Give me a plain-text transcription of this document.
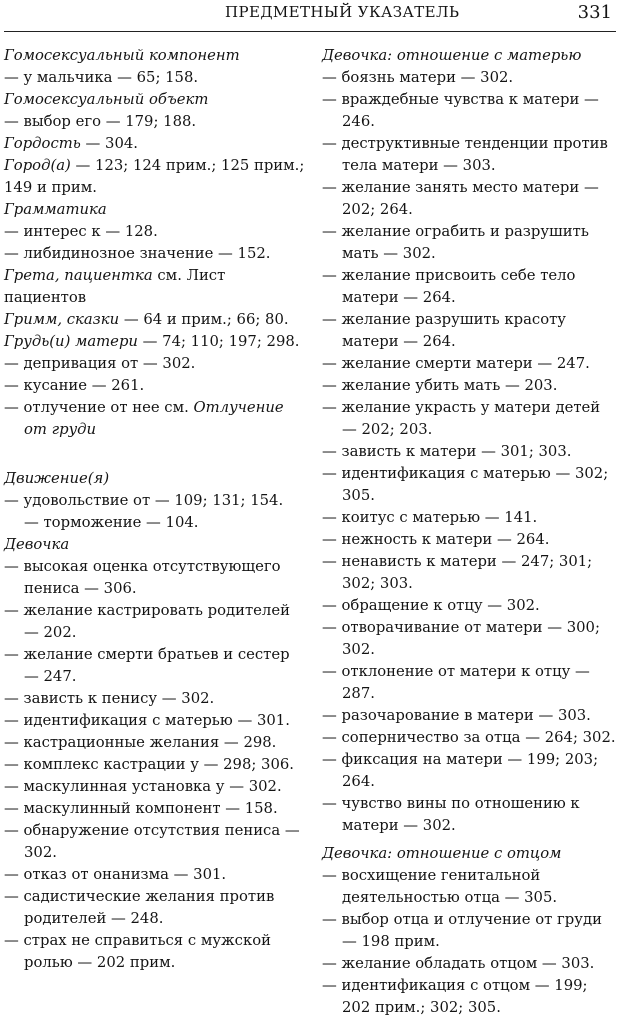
ПРЕДМЕТНЫЙ УКАЗАТЕЛЬ	331
Гомосексуальный компонент
— у мальчика — 65; 158.
Гомосексуальный объект
— выбор его — 179; 188.
Гордость — 304.
Город(а) — 123; 124 прим.; 125 прим.; 149 и прим.
Грамматика
— интерес к — 128.
— либидинозное значение — 152.
Грета, пациентка см. Лист пациентов
Гримм, сказки — 64 и прим.; 66; 80.
Грудь(и) матери — 74; 110; 197; 298.
— депривация от — 302.
— кусание — 261.
— отлучение от нее см. Отлучение от груди
Движение(я)
— удовольствие от — 109; 131; 154.
— торможение — 104.
Девочка
— высокая оценка отсутствующего пениса — 306.
— желание кастрировать родителей — 202.
— желание смерти братьев и сестер — 247.
— зависть к пенису — 302.
— идентификация с матерью — 301.
— кастрационные желания — 298.
— комплекс кастрации у — 298; 306.
— маскулинная установка у — 302.
— маскулинный компонент — 158.
— обнаружение отсутствия пениса — 302.
— отказ от онанизма — 301.
— садистические желания против родителей — 248.
— страх не справиться с мужской ролью — 202 прим.
Девочка: отношение с матерью
— боязнь матери — 302.
— враждебные чувства к матери — 246.
— деструктивные тенденции против тела матери — 303.
— желание занять место матери — 202; 264.
— желание ограбить и разрушить мать — 302.
— желание присвоить себе тело матери — 264.
— желание разрушить красоту матери — 264.
— желание смерти матери — 247.
— желание убить мать — 203.
— желание украсть у матери детей — 202; 203.
— зависть к матери — 301; 303.
— идентификация с матерью — 302; 305.
— коитус с матерью — 141.
— нежность к матери — 264.
— ненависть к матери — 247; 301; 302; 303.
— обращение к отцу — 302.
— отворачивание от матери — 300; 302.
— отклонение от матери к отцу — 287.
— разочарование в матери — 303.
— соперничество за отца — 264; 302.
— фиксация на матери — 199; 203; 264.
— чувство вины по отношению к матери — 302.
Девочка: отношение с отцом
— восхищение генитальной деятельностью отца — 305.
— выбор отца и отлучение от груди — 198 прим.
— желание обладать отцом — 303.
— идентификация с отцом — 199; 202 прим.; 302; 305.
